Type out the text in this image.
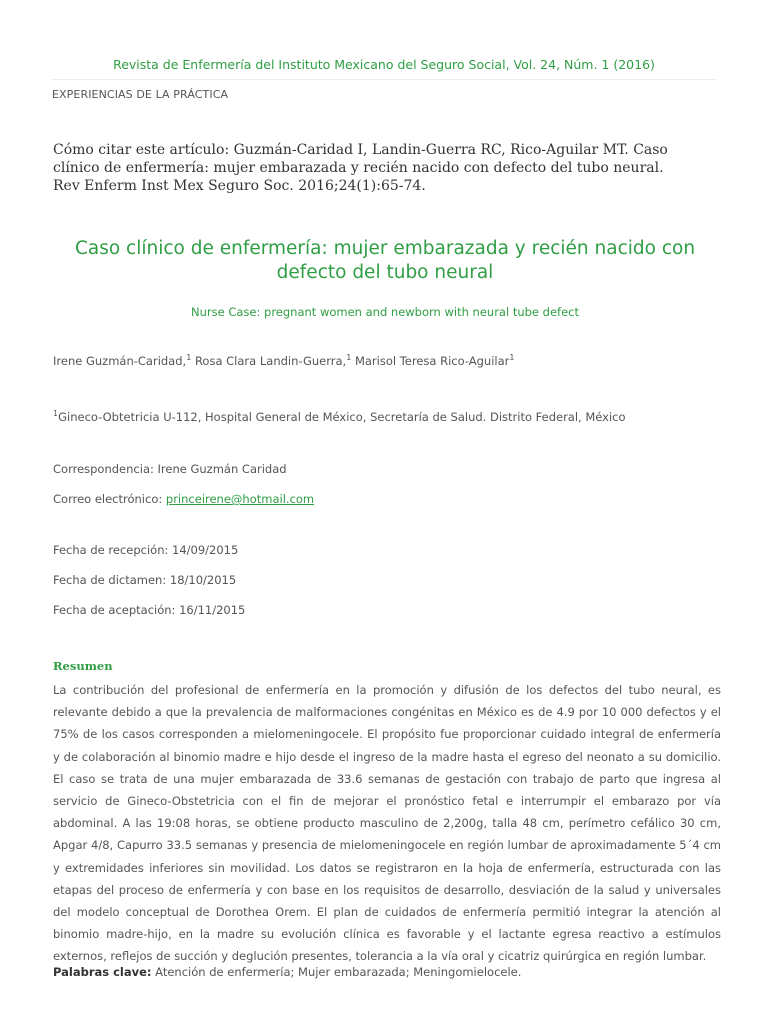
Revista de Enfermería del Instituto Mexicano del Seguro Social, Vol. 24, Núm. 1 (2016)
EXPERIENCIAS DE LA PRÁCTICA
Cómo citar este artículo: Guzmán-Caridad I, Landin-Guerra RC, Rico-Aguilar MT. Caso clínico de enfermería: mujer embarazada y recién nacido con defecto del tubo neural. Rev Enferm Inst Mex Seguro Soc. 2016;24(1):65-74.
Caso clínico de enfermería: mujer embarazada y recién nacido con defecto del tubo neural
Nurse Case: pregnant women and newborn with neural tube defect
Irene Guzmán-Caridad,$^1$ Rosa Clara Landin-Guerra,$^1$ Marisol Teresa Rico-Aguilar$^1$
$^1$Gineco-Obtetricia U-112, Hospital General de México, Secretaría de Salud. Distrito Federal, México
Correspondencia: Irene Guzmán Caridad
Correo electrónico: princeirene@hotmail.com
Fecha de recepción: 14/09/2015
Fecha de dictamen: 18/10/2015
Fecha de aceptación: 16/11/2015
Resumen

La contribución del profesional de enfermería en la promoción y difusión de los defectos del tubo neural, es relevante debido a que la prevalencia de malformaciones congénitas en México es de 4.9 por 10 000 defectos y el 75% de los casos corresponden a mielomeningocele. El propósito fue proporcionar cuidado integral de enfermería y de colaboración al binomio madre e hijo desde el ingreso de la madre hasta el egreso del neonato a su domicilio. El caso se trata de una mujer embarazada de 33.6 semanas de gestación con trabajo de parto que ingresa al servicio de Gineco-Obstetricia con el fin de mejorar el pronóstico fetal e interrumpir el embarazo por vía abdominal. A las 19:08 horas, se obtiene producto masculino de 2,200g, talla 48 cm, perímetro cefálico 30 cm, Apgar 4/8, Capurro 33.5 semanas y presencia de mielomeningocele en región lumbar de aproximadamente 5´4 cm y extremidades inferiores sin movilidad. Los datos se registraron en la hoja de enfermería, estructurada con las etapas del proceso de enfermería y con base en los requisitos de desarrollo, desviación de la salud y universales del modelo conceptual de Dorothea Orem. El plan de cuidados de enfermería permitió integrar la atención al binomio madre-hijo, en la madre su evolución clínica es favorable y el lactante egresa reactivo a estímulos externos, reflejos de succión y deglución presentes, tolerancia a la vía oral y cicatriz quirúrgica en región lumbar.

Palabras clave: Atención de enfermería; Mujer embarazada; Meningomielocele.
